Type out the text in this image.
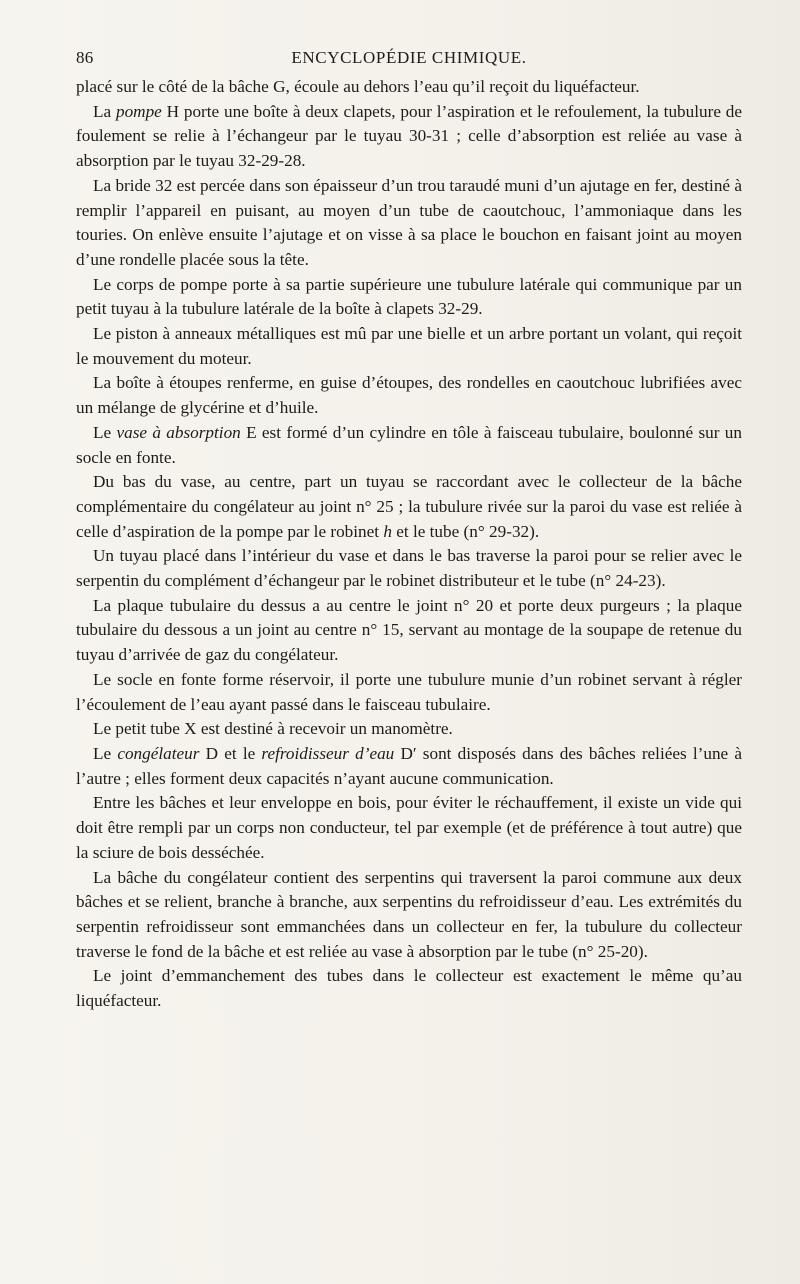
86	ENCYCLOPÉDIE CHIMIQUE.

placé sur le côté de la bâche G, écoule au dehors l’eau qu’il reçoit du liquéfacteur.

La pompe H porte une boîte à deux clapets, pour l’aspiration et le refoulement, la tubulure de foulement se relie à l’échangeur par le tuyau 30-31 ; celle d’absorption est reliée au vase à absorption par le tuyau 32-29-28.

La bride 32 est percée dans son épaisseur d’un trou taraudé muni d’un ajutage en fer, destiné à remplir l’appareil en puisant, au moyen d’un tube de caoutchouc, l’ammoniaque dans les touries. On enlève ensuite l’ajutage et on visse à sa place le bouchon en faisant joint au moyen d’une rondelle placée sous la tête.

Le corps de pompe porte à sa partie supérieure une tubulure latérale qui communique par un petit tuyau à la tubulure latérale de la boîte à clapets 32-29.

Le piston à anneaux métalliques est mû par une bielle et un arbre portant un volant, qui reçoit le mouvement du moteur.

La boîte à étoupes renferme, en guise d’étoupes, des rondelles en caoutchouc lubrifiées avec un mélange de glycérine et d’huile.

Le vase à absorption E est formé d’un cylindre en tôle à faisceau tubulaire, boulonné sur un socle en fonte.

Du bas du vase, au centre, part un tuyau se raccordant avec le collecteur de la bâche complémentaire du congélateur au joint n° 25 ; la tubulure rivée sur la paroi du vase est reliée à celle d’aspiration de la pompe par le robinet h et le tube (n° 29-32).

Un tuyau placé dans l’intérieur du vase et dans le bas traverse la paroi pour se relier avec le serpentin du complément d’échangeur par le robinet distributeur et le tube (n° 24-23).

La plaque tubulaire du dessus a au centre le joint n° 20 et porte deux purgeurs ; la plaque tubulaire du dessous a un joint au centre n° 15, servant au montage de la soupape de retenue du tuyau d’arrivée de gaz du congélateur.

Le socle en fonte forme réservoir, il porte une tubulure munie d’un robinet servant à régler l’écoulement de l’eau ayant passé dans le faisceau tubulaire.

Le petit tube X est destiné à recevoir un manomètre.

Le congélateur D et le refroidisseur d’eau D′ sont disposés dans des bâches reliées l’une à l’autre ; elles forment deux capacités n’ayant aucune communication.

Entre les bâches et leur enveloppe en bois, pour éviter le réchauffement, il existe un vide qui doit être rempli par un corps non conducteur, tel par exemple (et de préférence à tout autre) que la sciure de bois desséchée.

La bâche du congélateur contient des serpentins qui traversent la paroi commune aux deux bâches et se relient, branche à branche, aux serpentins du refroidisseur d’eau. Les extrémités du serpentin refroidisseur sont emmanchées dans un collecteur en fer, la tubulure du collecteur traverse le fond de la bâche et est reliée au vase à absorption par le tube (n° 25-20).

Le joint d’emmanchement des tubes dans le collecteur est exactement le même qu’au liquéfacteur.
